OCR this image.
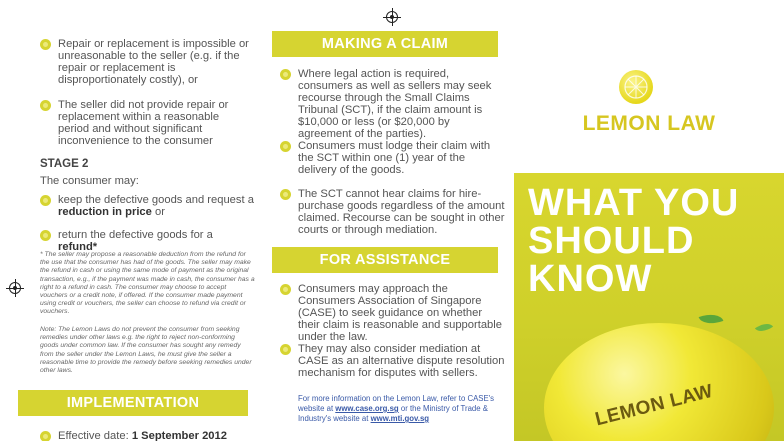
Repair or replacement is impossible or unreasonable to the seller (e.g. if the repair or replacement is disproportionately costly), or
The seller did not provide repair or replacement within a reasonable period and without significant inconvenience to the consumer
STAGE 2
The consumer may:
keep the defective goods and request a reduction in price or
return the defective goods for a refund*
* The seller may propose a reasonable deduction from the refund for the use that the consumer has had of the goods. The seller may make the refund in cash or using the same mode of payment as the original transaction, e.g., if the payment was made in cash, the consumer has a right to a refund in cash. The consumer may choose to accept vouchers or a credit note, if offered. If the consumer made payment using credit or vouchers, the seller can choose to refund via credit or vouchers.
Note: The Lemon Laws do not prevent the consumer from seeking remedies under other laws e.g. the right to reject non-conforming goods under common law. If the consumer has sought any remedy from the seller under the Lemon Laws, he must give the seller a reasonable time to provide the remedy before seeking remedies under other laws.
IMPLEMENTATION
Effective date: 1 September 2012
MAKING A CLAIM
Where legal action is required, consumers as well as sellers may seek recourse through the Small Claims Tribunal (SCT), if the claim amount is $10,000 or less (or $20,000 by agreement of the parties).
Consumers must lodge their claim with the SCT within one (1) year of the delivery of the goods.
The SCT cannot hear claims for hire-purchase goods regardless of the amount claimed. Recourse can be sought in other courts or through mediation.
FOR ASSISTANCE
Consumers may approach the Consumers Association of Singapore (CASE) to seek guidance on whether their claim is reasonable and supportable under the law.
They may also consider mediation at CASE as an alternative dispute resolution mechanism for disputes with sellers.
For more information on the Lemon Law, refer to CASE's website at www.case.org.sg or the Ministry of Trade & Industry's website at www.mti.gov.sg
LEMON LAW
WHAT YOU
SHOULD
KNOW
LEMON LAW
